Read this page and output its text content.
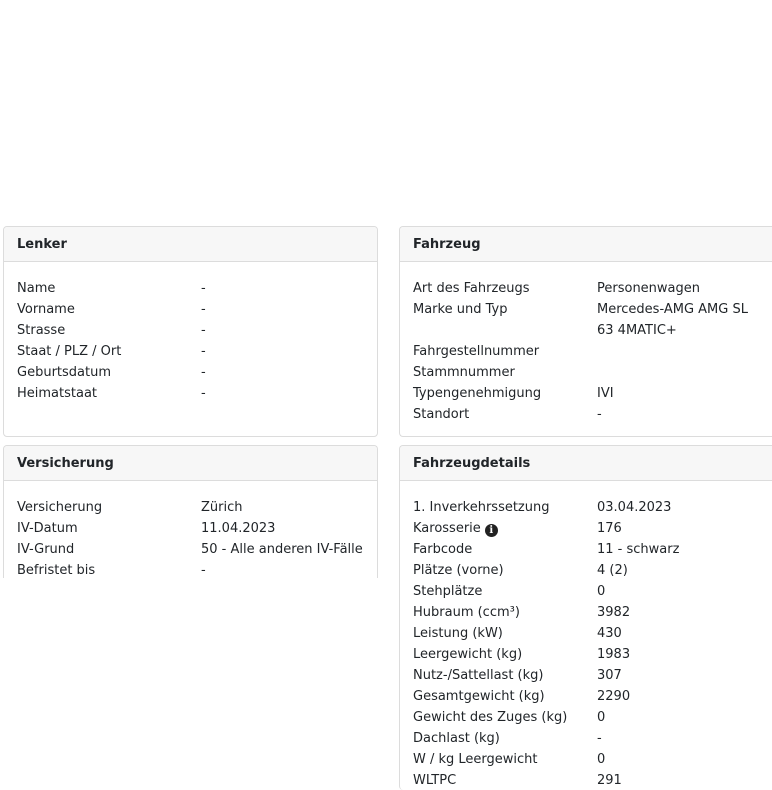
Lenker
Name	-
Vorname	-
Strasse	-
Staat / PLZ / Ort	-
Geburtsdatum	-
Heimatstaat	-
Versicherung
Versicherung	Zürich
IV-Datum	11.04.2023
IV-Grund	50 - Alle anderen IV-Fälle
Befristet bis	-
Fahrzeug
Art des Fahrzeugs	Personenwagen
Marke und Typ	Mercedes-AMG AMG SL 63 4MATIC+
Fahrgestellnummer
Stammnummer
Typengenehmigung	IVI
Standort	-
Fahrzeugdetails
1. Inverkehrssetzung	03.04.2023
Karosserie i	176
Farbcode	11 - schwarz
Plätze (vorne)	4 (2)
Stehplätze	0
Hubraum (ccm³)	3982
Leistung (kW)	430
Leergewicht (kg)	1983
Nutz-/Sattellast (kg)	307
Gesamtgewicht (kg)	2290
Gewicht des Zuges (kg) 0
Dachlast (kg)	-
W / kg Leergewicht	0
WLTPC	291
